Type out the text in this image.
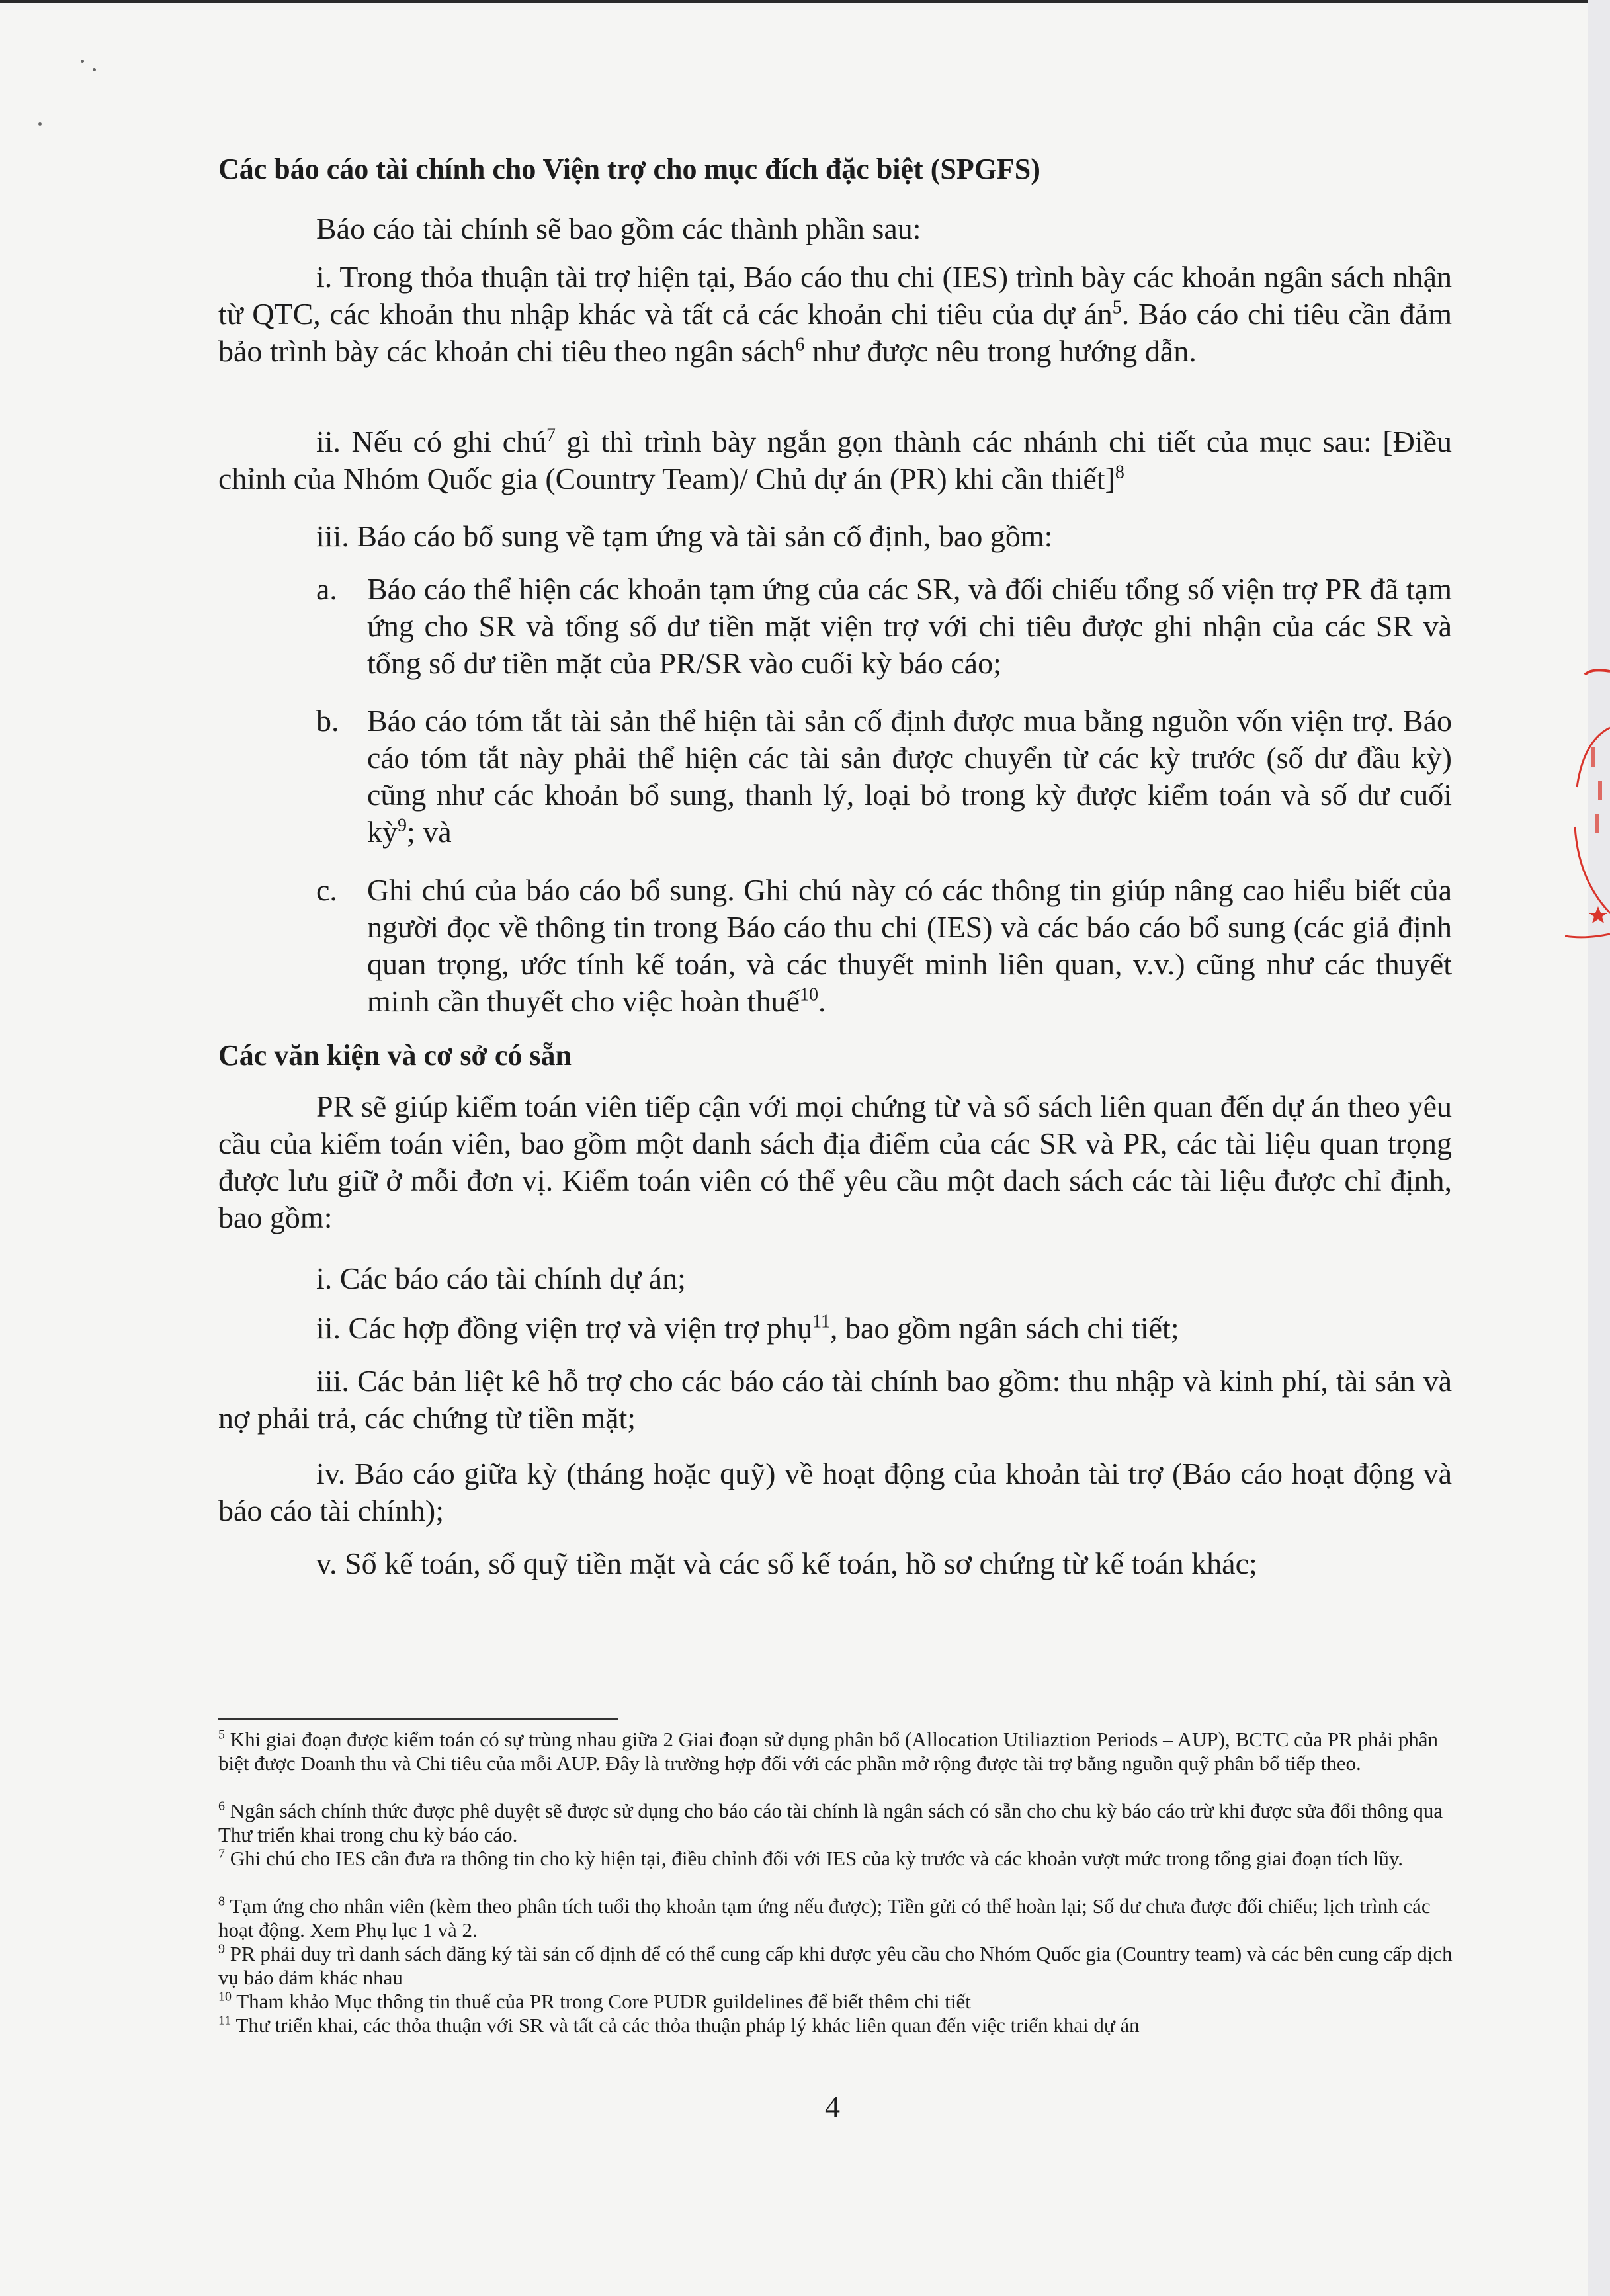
Các báo cáo tài chính cho Viện trợ cho mục đích đặc biệt (SPGFS)
Báo cáo tài chính sẽ bao gồm các thành phần sau:
i. Trong thỏa thuận tài trợ hiện tại, Báo cáo thu chi (IES) trình bày các khoản ngân sách nhận từ QTC, các khoản thu nhập khác và tất cả các khoản chi tiêu của dự $án^5$. Báo cáo chi tiêu cần đảm bảo trình bày các khoản chi tiêu theo ngân sách$^6$ như được nêu trong hướng dẫn.
ii. Nếu có ghi chú$^7$ gì thì trình bày ngắn gọn thành các nhánh chi tiết của mục sau: [Điều chỉnh của Nhóm Quốc gia (Country Team)/ Chủ dự án (PR) khi cần thiết]$^8$
iii. Báo cáo bổ sung về tạm ứng và tài sản cố định, bao gồm:
a. Báo cáo thể hiện các khoản tạm ứng của các SR, và đối chiếu tổng số viện trợ PR đã tạm ứng cho SR và tổng số dư tiền mặt viện trợ với chi tiêu được ghi nhận của các SR và tổng số dư tiền mặt của PR/SR vào cuối kỳ báo cáo;
b. Báo cáo tóm tắt tài sản thể hiện tài sản cố định được mua bằng nguồn vốn viện trợ. Báo cáo tóm tắt này phải thể hiện các tài sản được chuyển từ các kỳ trước (số dư đầu kỳ) cũng như các khoản bổ sung, thanh lý, loại bỏ trong kỳ được kiểm toán và số dư cuối kỳ$^9$; và
c. Ghi chú của báo cáo bổ sung. Ghi chú này có các thông tin giúp nâng cao hiểu biết của người đọc về thông tin trong Báo cáo thu chi (IES) và các báo cáo bổ sung (các giả định quan trọng, ước tính kế toán, và các thuyết minh liên quan, v.v.) cũng như các thuyết minh cần thuyết cho việc hoàn thuế$^{10}$.
Các văn kiện và cơ sở có sẵn
PR sẽ giúp kiểm toán viên tiếp cận với mọi chứng từ và sổ sách liên quan đến dự án theo yêu cầu của kiểm toán viên, bao gồm một danh sách địa điểm của các SR và PR, các tài liệu quan trọng được lưu giữ ở mỗi đơn vị. Kiểm toán viên có thể yêu cầu một dach sách các tài liệu được chỉ định, bao gồm:
i. Các báo cáo tài chính dự án;
ii. Các hợp đồng viện trợ và viện trợ phụ$^{11}$, bao gồm ngân sách chi tiết;
iii. Các bản liệt kê hỗ trợ cho các báo cáo tài chính bao gồm: thu nhập và kinh phí, tài sản và nợ phải trả, các chứng từ tiền mặt;
iv. Báo cáo giữa kỳ (tháng hoặc quỹ) về hoạt động của khoản tài trợ (Báo cáo hoạt động và báo cáo tài chính);
v. Sổ kế toán, sổ quỹ tiền mặt và các sổ kế toán, hồ sơ chứng từ kế toán khác;
$^5$ Khi giai đoạn được kiểm toán có sự trùng nhau giữa 2 Giai đoạn sử dụng phân bổ (Allocation Utiliaztion Periods – AUP), BCTC của PR phải phân biệt được Doanh thu và Chi tiêu của mỗi AUP. Đây là trường hợp đối với các phần mở rộng được tài trợ bằng nguồn quỹ phân bổ tiếp theo.
$^6$ Ngân sách chính thức được phê duyệt sẽ được sử dụng cho báo cáo tài chính là ngân sách có sẵn cho chu kỳ báo cáo trừ khi được sửa đổi thông qua Thư triển khai trong chu kỳ báo cáo.
$^7$ Ghi chú cho IES cần đưa ra thông tin cho kỳ hiện tại, điều chỉnh đối với IES của kỳ trước và các khoản vượt mức trong tổng giai đoạn tích lũy.
$^8$ Tạm ứng cho nhân viên (kèm theo phân tích tuổi thọ khoản tạm ứng nếu được); Tiền gửi có thể hoàn lại; Số dư chưa được đối chiếu; lịch trình các hoạt động. Xem Phụ lục 1 và 2.
$^9$ PR phải duy trì danh sách đăng ký tài sản cố định để có thể cung cấp khi được yêu cầu cho Nhóm Quốc gia (Country team) và các bên cung cấp dịch vụ bảo đảm khác nhau
$^{10}$ Tham khảo Mục thông tin thuế của PR trong Core PUDR guildelines để biết thêm chi tiết
$^{11}$ Thư triển khai, các thỏa thuận với SR và tất cả các thỏa thuận pháp lý khác liên quan đến việc triển khai dự án
4
